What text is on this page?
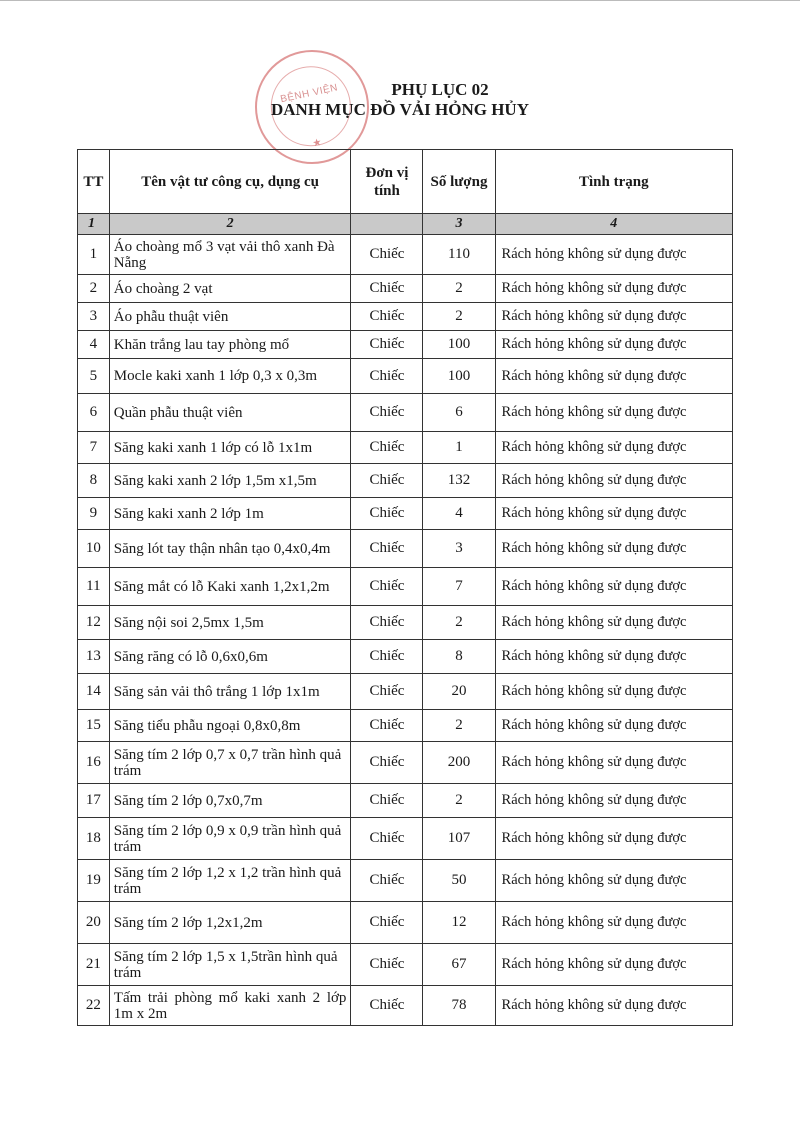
BỆNH VIỆN
★
PHỤ LỤC 02
DANH MỤC ĐỒ VẢI HỎNG HỦY
TT	Tên vật tư công cụ, dụng cụ	Đơn vị tính	Số lượng	Tình trạng
1	2		3	4
1	Áo choàng mổ 3 vạt vải thô xanh Đà Nẵng	Chiếc	110	Rách hỏng không sử dụng được
2	Áo choàng 2 vạt	Chiếc	2	Rách hỏng không sử dụng được
3	Áo phẫu thuật viên	Chiếc	2	Rách hỏng không sử dụng được
4	Khăn trắng lau tay phòng mổ	Chiếc	100	Rách hỏng không sử dụng được
5	Mocle kaki xanh 1 lớp 0,3 x 0,3m	Chiếc	100	Rách hỏng không sử dụng được
6	Quần phẫu thuật viên	Chiếc	6	Rách hỏng không sử dụng được
7	Săng kaki xanh 1 lớp có lỗ 1x1m	Chiếc	1	Rách hỏng không sử dụng được
8	Săng kaki xanh 2 lớp 1,5m x1,5m	Chiếc	132	Rách hỏng không sử dụng được
9	Săng kaki xanh 2 lớp 1m	Chiếc	4	Rách hỏng không sử dụng được
10	Săng lót tay thận nhân tạo 0,4x0,4m	Chiếc	3	Rách hỏng không sử dụng được
11	Săng mắt có lỗ Kaki xanh 1,2x1,2m	Chiếc	7	Rách hỏng không sử dụng được
12	Săng nội soi 2,5mx 1,5m	Chiếc	2	Rách hỏng không sử dụng được
13	Săng răng có lỗ 0,6x0,6m	Chiếc	8	Rách hỏng không sử dụng được
14	Săng sản vải thô trắng 1 lớp 1x1m	Chiếc	20	Rách hỏng không sử dụng được
15	Săng tiểu phẫu ngoại 0,8x0,8m	Chiếc	2	Rách hỏng không sử dụng được
16	Săng tím 2 lớp 0,7 x 0,7 trần hình quả trám	Chiếc	200	Rách hỏng không sử dụng được
17	Săng tím 2 lớp 0,7x0,7m	Chiếc	2	Rách hỏng không sử dụng được
18	Săng tím 2 lớp 0,9 x 0,9 trần hình quả trám	Chiếc	107	Rách hỏng không sử dụng được
19	Săng tím 2 lớp 1,2 x 1,2 trần hình quả trám	Chiếc	50	Rách hỏng không sử dụng được
20	Săng tím 2 lớp 1,2x1,2m	Chiếc	12	Rách hỏng không sử dụng được
21	Săng tím 2 lớp 1,5 x 1,5trần hình quả trám	Chiếc	67	Rách hỏng không sử dụng được
22	Tấm trải phòng mổ kaki xanh 2 lớp 1m x 2m	Chiếc	78	Rách hỏng không sử dụng được
